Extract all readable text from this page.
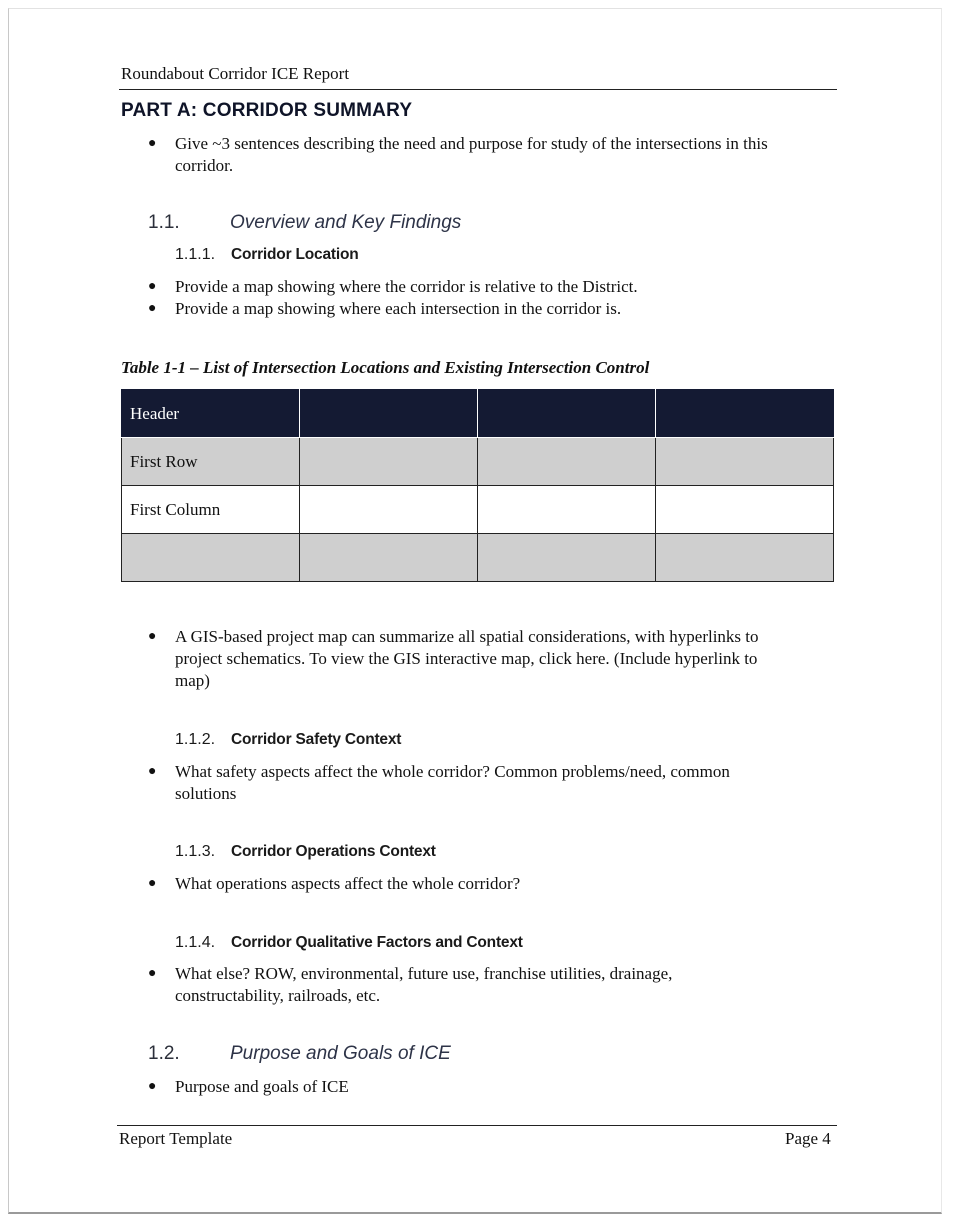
Roundabout Corridor ICE Report
PART A: CORRIDOR SUMMARY
● Give ~3 sentences describing the need and purpose for study of the intersections in this
corridor.
1.1.	Overview and Key Findings
1.1.1. Corridor Location
● Provide a map showing where the corridor is relative to the District.
● Provide a map showing where each intersection in the corridor is.
Table 1-1 – List of Intersection Locations and Existing Intersection Control
Header			
First Row			
First Column			

● A GIS-based project map can summarize all spatial considerations, with hyperlinks to
project schematics. To view the GIS interactive map, click here. (Include hyperlink to
map)
1.1.2. Corridor Safety Context
● What safety aspects affect the whole corridor? Common problems/need, common
solutions
1.1.3. Corridor Operations Context
● What operations aspects affect the whole corridor?
1.1.4. Corridor Qualitative Factors and Context
● What else? ROW, environmental, future use, franchise utilities, drainage,
constructability, railroads, etc.
1.2.	Purpose and Goals of ICE
● Purpose and goals of ICE
Report Template	Page 4
